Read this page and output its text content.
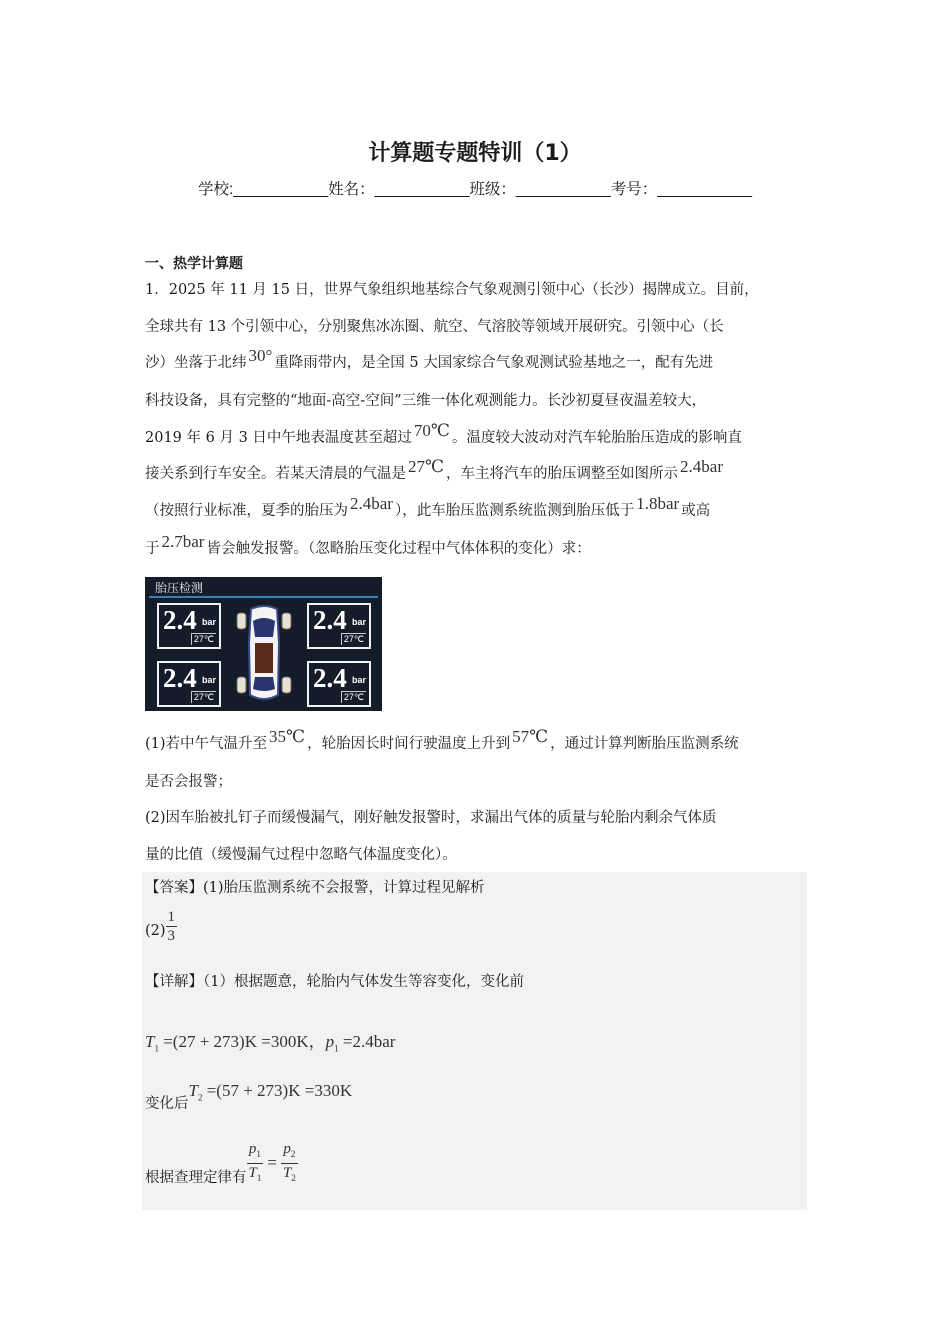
计算题专题特训（1）
学校:___________姓名：___________班级：___________考号：___________
一、热学计算题
1．2025 年 11 月 15 日，世界气象组织地基综合气象观测引领中心（长沙）揭牌成立。目前，
全球共有 13 个引领中心，分别聚焦冰冻圈、航空、气溶胶等领域开展研究。引领中心（长
沙）坐落于北纬 30° 重降雨带内，是全国 5 大国家综合气象观测试验基地之一，配有先进
科技设备，具有完整的“地面-高空-空间”三维一体化观测能力。长沙初夏昼夜温差较大，
2019 年 6 月 3 日中午地表温度甚至超过 70℃ 。温度较大波动对汽车轮胎胎压造成的影响直
接关系到行车安全。若某天清晨的气温是 27℃ ，车主将汽车的胎压调整至如图所示 2.4bar
（按照行业标准，夏季的胎压为 2.4bar ），此车胎压监测系统监测到胎压低于 1.8bar 或高
于 2.7bar 皆会触发报警。（忽略胎压变化过程中气体体积的变化）求：
胎压检测
2.4 bar
27℃
2.4 bar
27℃
2.4 bar
27℃
2.4 bar
27℃
(1)若中午气温升至 35℃ ，轮胎因长时间行驶温度上升到 57℃ ，通过计算判断胎压监测系统
是否会报警；
(2)因车胎被扎钉子而缓慢漏气，刚好触发报警时，求漏出气体的质量与轮胎内剩余气体质
量的比值（缓慢漏气过程中忽略气体温度变化）。
【答案】(1)胎压监测系统不会报警，计算过程见解析
$(2) \frac{1}{3}$
【详解】（1）根据题意，轮胎内气体发生等容变化，变化前
$T_1 =(27 + 273)K =300K$，$p_1 =2.4bar$
变化后$T_2 =(57 + 273)K =330K$
根据查理定律有 $\frac{p_1}{T_1} = \frac{p_2}{T_2}$
